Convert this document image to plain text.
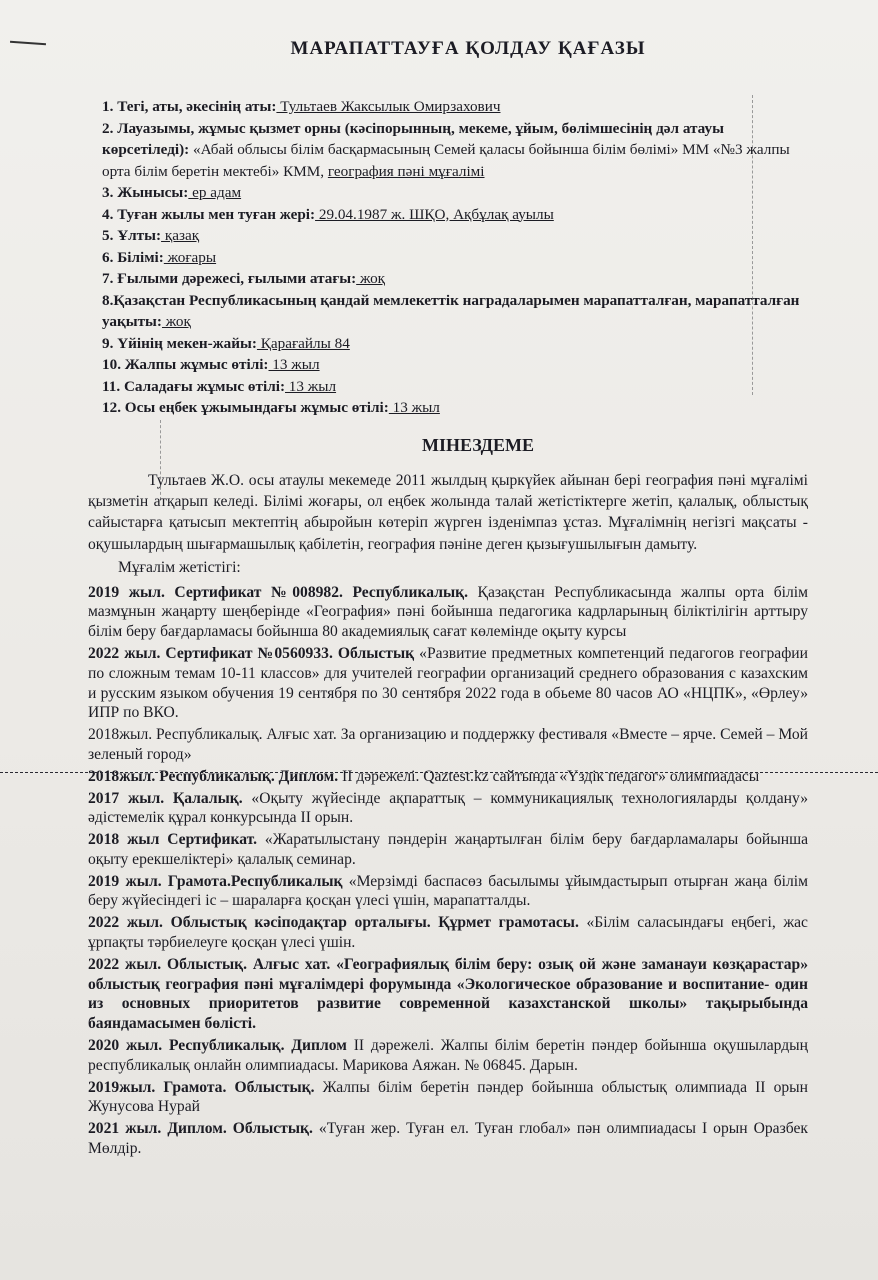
МАРАПАТТАУҒА ҚОЛДАУ ҚАҒАЗЫ

1. Тегі, аты, әкесінің аты: Тультаев Жаксылык Омирзахович

2. Лауазымы, жұмыс қызмет орны (кәсіпорынның, мекеме, ұйым, бөлімшесінің дәл атауы көрсетіледі): «Абай облысы білім басқармасының Семей қаласы бойынша білім бөлімі» ММ «№3 жалпы орта білім беретін мектебі» КММ, география пәні мұғалімі

3. Жынысы: ер адам

4. Туған жылы мен туған жері: 29.04.1987 ж. ШҚО, Ақбұлақ ауылы

5. Ұлты: қазақ

6. Білімі: жоғары

7. Ғылыми дәрежесі, ғылыми атағы: жоқ

8.Қазақстан Республикасының қандай мемлекеттік наградаларымен марапатталған, марапатталған уақыты: жоқ

9. Үйінің мекен-жайы: Қарағайлы 84

10. Жалпы жұмыс өтілі: 13 жыл

11. Саладағы жұмыс өтілі: 13 жыл

12. Осы еңбек ұжымындағы жұмыс өтілі: 13 жыл

МІНЕЗДЕМЕ

Тультаев Ж.О. осы атаулы мекемеде 2011 жылдың қыркүйек айынан бері география пәні мұғалімі қызметін атқарып келеді. Білімі жоғары, ол еңбек жолында талай жетістіктерге жетіп, қалалық, облыстық сайыстарға қатысып мектептің абыройын көтеріп жүрген ізденімпаз ұстаз. Мұғалімнің негізгі мақсаты - оқушылардың шығармашылық қабілетін, география пәніне деген қызығушылығын дамыту.

Мұғалім жетістігі:

2019 жыл. Сертификат №008982. Республикалық. Қазақстан Республикасында жалпы орта білім мазмұнын жаңарту шеңберінде «География» пәні бойынша педагогика кадрларының біліктілігін арттыру білім беру бағдарламасы бойынша 80 академиялық сағат көлемінде оқыту курсы

2022 жыл. Сертификат №0560933. Облыстық «Развитие предметных компетенций педагогов географии по сложным темам 10-11 классов» для учителей географии организаций среднего образования с казахским и русским языком обучения 19 сентября по 30 сентября 2022 года в обьеме 80 часов АО «НЦПК», «Өрлеу» ИПР по ВКО.

2018жыл. Республикалық. Алғыс хат. За организацию и поддержку фестиваля «Вместе – ярче. Семей – Мой зеленый город»

2018жыл. Республикалық. Диплом. ІІ дәрежелі. Qaztest.kz сайтында «Үздік педагог» олимпиадасы

2017 жыл. Қалалық. «Оқыту жүйесінде ақпараттық – коммуникациялық технологияларды қолдану» әдістемелік құрал конкурсында ІІ орын.

2018 жыл Сертификат. «Жаратылыстану пәндерін жаңартылған білім беру бағдарламалары бойынша оқыту ерекшеліктері» қалалық семинар.

2019 жыл. Грамота.Республикалық «Мерзімді баспасөз басылымы ұйымдастырып отырған жаңа білім беру жүйесіндегі іс – шараларға қосқан үлесі үшін, марапатталды.

2022 жыл. Облыстық кәсіподақтар орталығы. Құрмет грамотасы. «Білім саласындағы еңбегі, жас ұрпақты тәрбиелеуге қосқан үлесі үшін.

2022 жыл. Облыстық. Алғыс хат. «Географиялық білім беру: озық ой және заманауи көзқарастар» облыстық география пәні мұғалімдері форумында «Экологическое образование и воспитание- один из основных приоритетов развитие современной казахстанской школы» тақырыбында баяндамасымен бөлісті.

2020 жыл. Республикалық. Диплом ІІ дәрежелі. Жалпы білім беретін пәндер бойынша оқушылардың республикалық онлайн олимпиадасы. Марикова Аяжан. № 06845. Дарын.

2019жыл. Грамота. Облыстық. Жалпы білім беретін пәндер бойынша облыстық олимпиада ІІ орын Жунусова Нурай

2021 жыл. Диплом. Облыстық. «Туған жер. Туған ел. Туған глобал» пән олимпиадасы І орын Оразбек Мөлдір.
